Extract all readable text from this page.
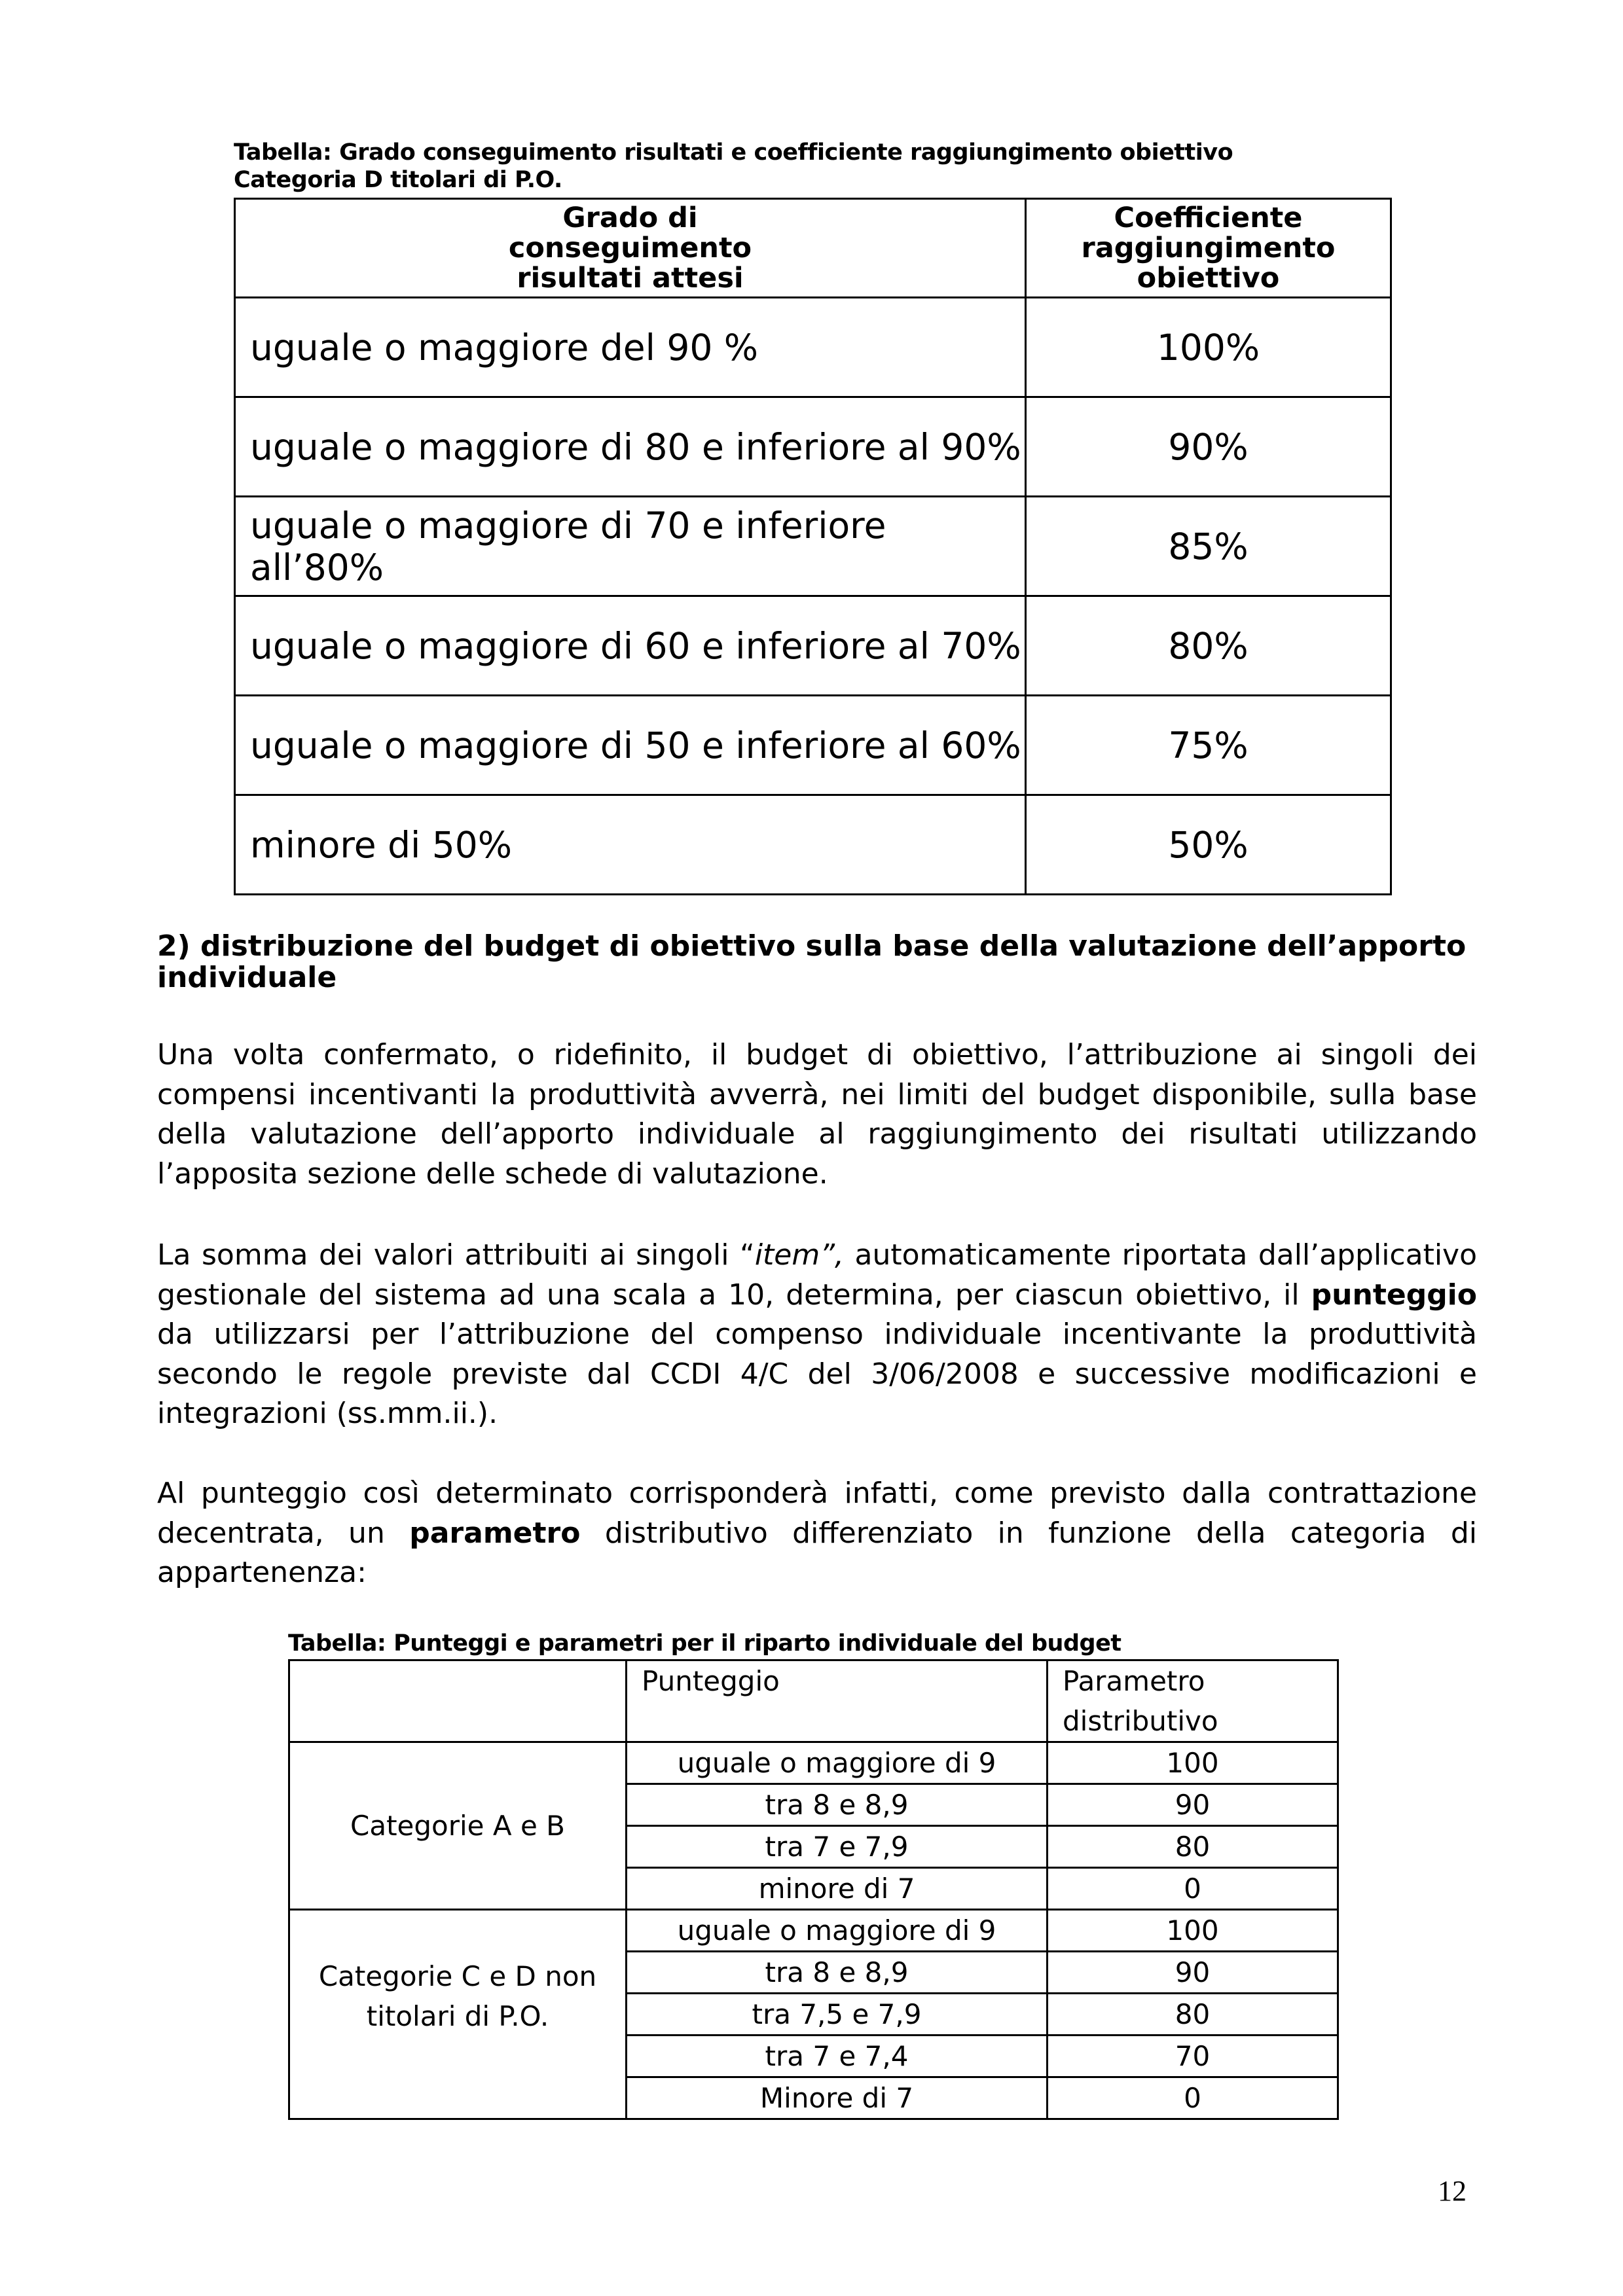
Tabella: Grado conseguimento risultati e coefficiente raggiungimento obiettivo
Categoria D titolari di P.O.
Grado di conseguimento risultati attesi	Coefficiente raggiungimento obiettivo

uguale o maggiore del 90 %	100%
uguale o maggiore di 80 e inferiore al 90%	90%
uguale o maggiore di 70 e inferiore all’80%	85%
uguale o maggiore di 60 e inferiore al 70%	80%
uguale o maggiore di 50 e inferiore al 60%	75%
minore di 50%	50%
2) distribuzione del budget di obiettivo sulla base della valutazione dell’apporto individuale
Una volta confermato, o ridefinito, il budget di obiettivo, l’attribuzione ai singoli dei compensi incentivanti la produttività avverrà, nei limiti del budget disponibile, sulla base della valutazione dell’apporto individuale al raggiungimento dei risultati utilizzando l’apposita sezione delle schede di valutazione.
La somma dei valori attribuiti ai singoli “item”, automaticamente riportata dall’applicativo gestionale del sistema ad una scala a 10, determina, per ciascun obiettivo, il punteggio da utilizzarsi per l’attribuzione del compenso individuale incentivante la produttività secondo le regole previste dal CCDI 4/C del 3/06/2008 e successive modificazioni e integrazioni (ss.mm.ii.).
Al punteggio così determinato corrisponderà infatti, come previsto dalla contrattazione decentrata, un parametro distributivo differenziato in funzione della categoria di appartenenza:
Tabella: Punteggi e parametri per il riparto individuale del budget
	Punteggio	Parametro distributivo

Categorie A e B	uguale o maggiore di 9	100
	tra 8 e 8,9	90
	tra 7 e 7,9	80
	minore di 7	0

Categorie C e D non titolari di P.O.	uguale o maggiore di 9	100
	tra 8 e 8,9	90
	tra 7,5 e 7,9	80
	tra 7 e 7,4	70
	Minore di 7	0
12
